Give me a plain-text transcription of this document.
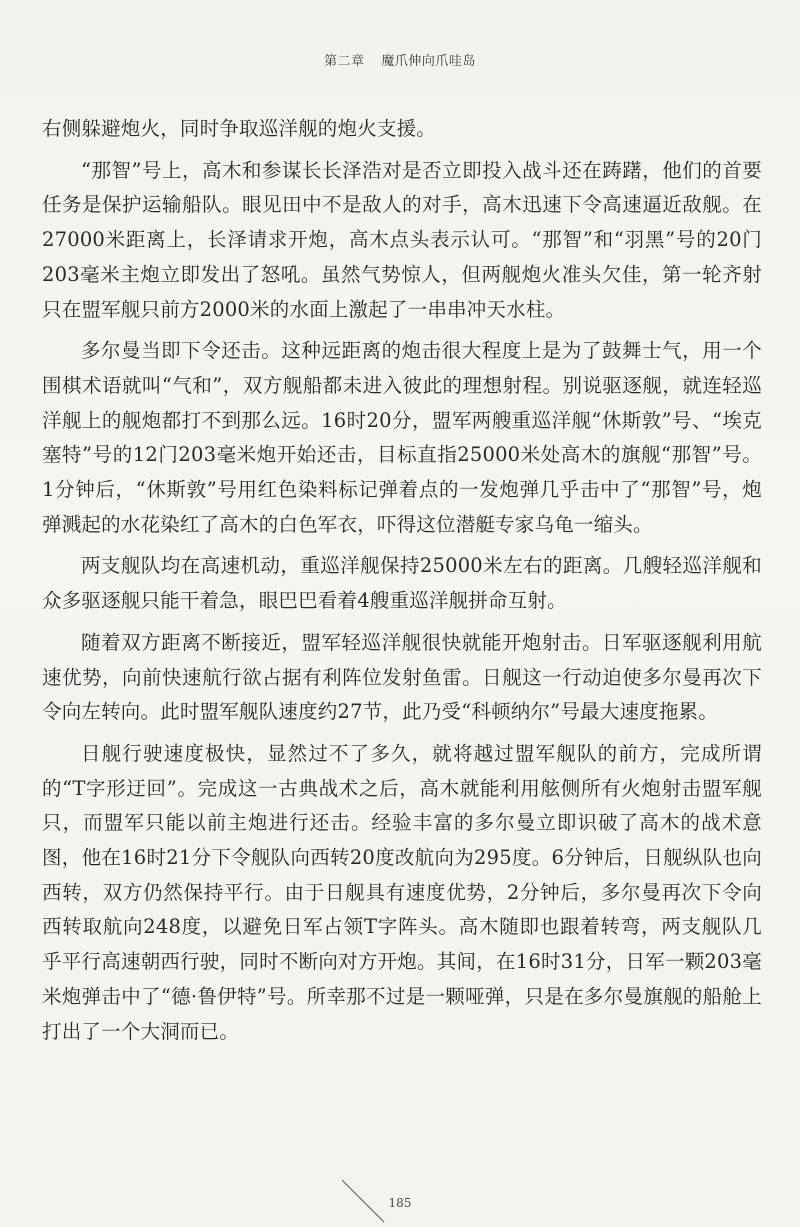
第二章 魔爪伸向爪哇岛

右侧躲避炮火，同时争取巡洋舰的炮火支援。

“那智”号上，高木和参谋长长泽浩对是否立即投入战斗还在踌躇，他们的首要任务是保护运输船队。眼见田中不是敌人的对手，高木迅速下令高速逼近敌舰。在27000米距离上，长泽请求开炮，高木点头表示认可。“那智”和“羽黑”号的20门203毫米主炮立即发出了怒吼。虽然气势惊人，但两舰炮火准头欠佳，第一轮齐射只在盟军舰只前方2000米的水面上激起了一串串冲天水柱。

多尔曼当即下令还击。这种远距离的炮击很大程度上是为了鼓舞士气，用一个围棋术语就叫“气和”，双方舰船都未进入彼此的理想射程。别说驱逐舰，就连轻巡洋舰上的舰炮都打不到那么远。16时20分，盟军两艘重巡洋舰“休斯敦”号、“埃克塞特”号的12门203毫米炮开始还击，目标直指25000米处高木的旗舰“那智”号。1分钟后，“休斯敦”号用红色染料标记弹着点的一发炮弹几乎击中了“那智”号，炮弹溅起的水花染红了高木的白色军衣，吓得这位潜艇专家乌龟一缩头。

两支舰队均在高速机动，重巡洋舰保持25000米左右的距离。几艘轻巡洋舰和众多驱逐舰只能干着急，眼巴巴看着4艘重巡洋舰拼命互射。

随着双方距离不断接近，盟军轻巡洋舰很快就能开炮射击。日军驱逐舰利用航速优势，向前快速航行欲占据有利阵位发射鱼雷。日舰这一行动迫使多尔曼再次下令向左转向。此时盟军舰队速度约27节，此乃受“科顿纳尔”号最大速度拖累。

日舰行驶速度极快，显然过不了多久，就将越过盟军舰队的前方，完成所谓的“T字形迂回”。完成这一古典战术之后，高木就能利用舷侧所有火炮射击盟军舰只，而盟军只能以前主炮进行还击。经验丰富的多尔曼立即识破了高木的战术意图，他在16时21分下令舰队向西转20度改航向为295度。6分钟后，日舰纵队也向西转，双方仍然保持平行。由于日舰具有速度优势，2分钟后，多尔曼再次下令向西转取航向248度，以避免日军占领T字阵头。高木随即也跟着转弯，两支舰队几乎平行高速朝西行驶，同时不断向对方开炮。其间，在16时31分，日军一颗203毫米炮弹击中了“德·鲁伊特”号。所幸那不过是一颗哑弹，只是在多尔曼旗舰的船舱上打出了一个大洞而已。

185
